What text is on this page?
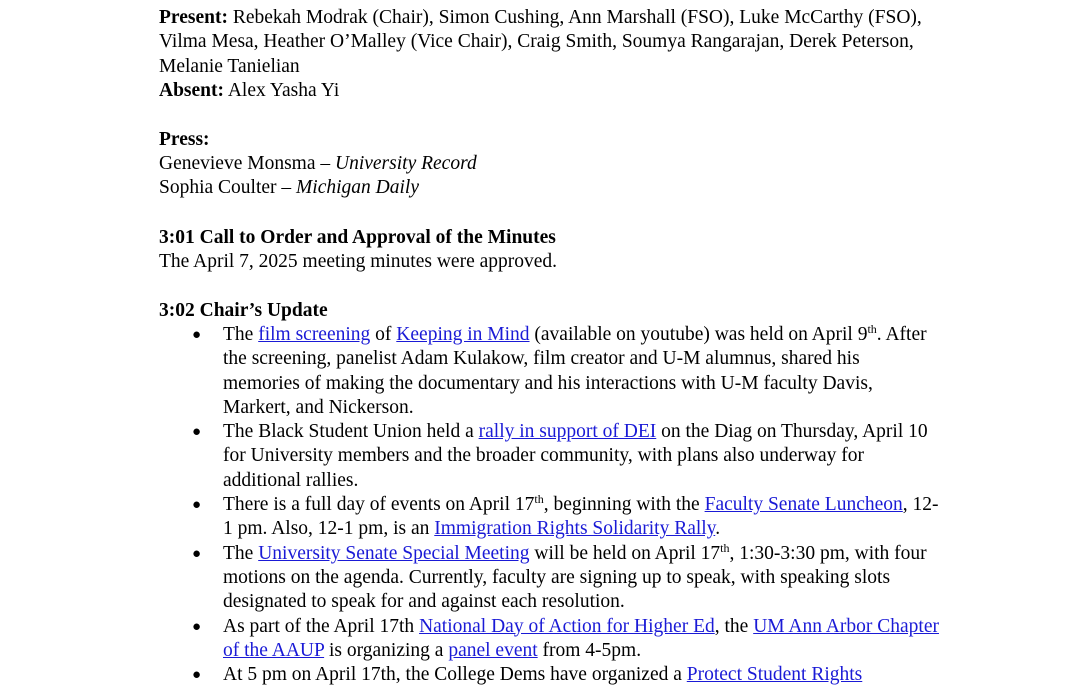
Present: Rebekah Modrak (Chair), Simon Cushing, Ann Marshall (FSO), Luke McCarthy (FSO), Vilma Mesa, Heather O’Malley (Vice Chair), Craig Smith, Soumya Rangarajan, Derek Peterson, Melanie Tanielian
Absent: Alex Yasha Yi
Press:
Genevieve Monsma – University Record
Sophia Coulter – Michigan Daily
3:01 Call to Order and Approval of the Minutes
The April 7, 2025 meeting minutes were approved.
3:02 Chair’s Update
● The film screening of Keeping in Mind (available on youtube) was held on April 9th. After the screening, panelist Adam Kulakow, film creator and U-M alumnus, shared his memories of making the documentary and his interactions with U-M faculty Davis, Markert, and Nickerson.
● The Black Student Union held a rally in support of DEI on the Diag on Thursday, April 10 for University members and the broader community, with plans also underway for additional rallies.
● There is a full day of events on April 17th, beginning with the Faculty Senate Luncheon, 12-1 pm. Also, 12-1 pm, is an Immigration Rights Solidarity Rally.
● The University Senate Special Meeting will be held on April 17th, 1:30-3:30 pm, with four motions on the agenda. Currently, faculty are signing up to speak, with speaking slots designated to speak for and against each resolution.
● As part of the April 17th National Day of Action for Higher Ed, the UM Ann Arbor Chapter of the AAUP is organizing a panel event from 4-5pm.
● At 5 pm on April 17th, the College Dems have organized a Protect Student Rights
